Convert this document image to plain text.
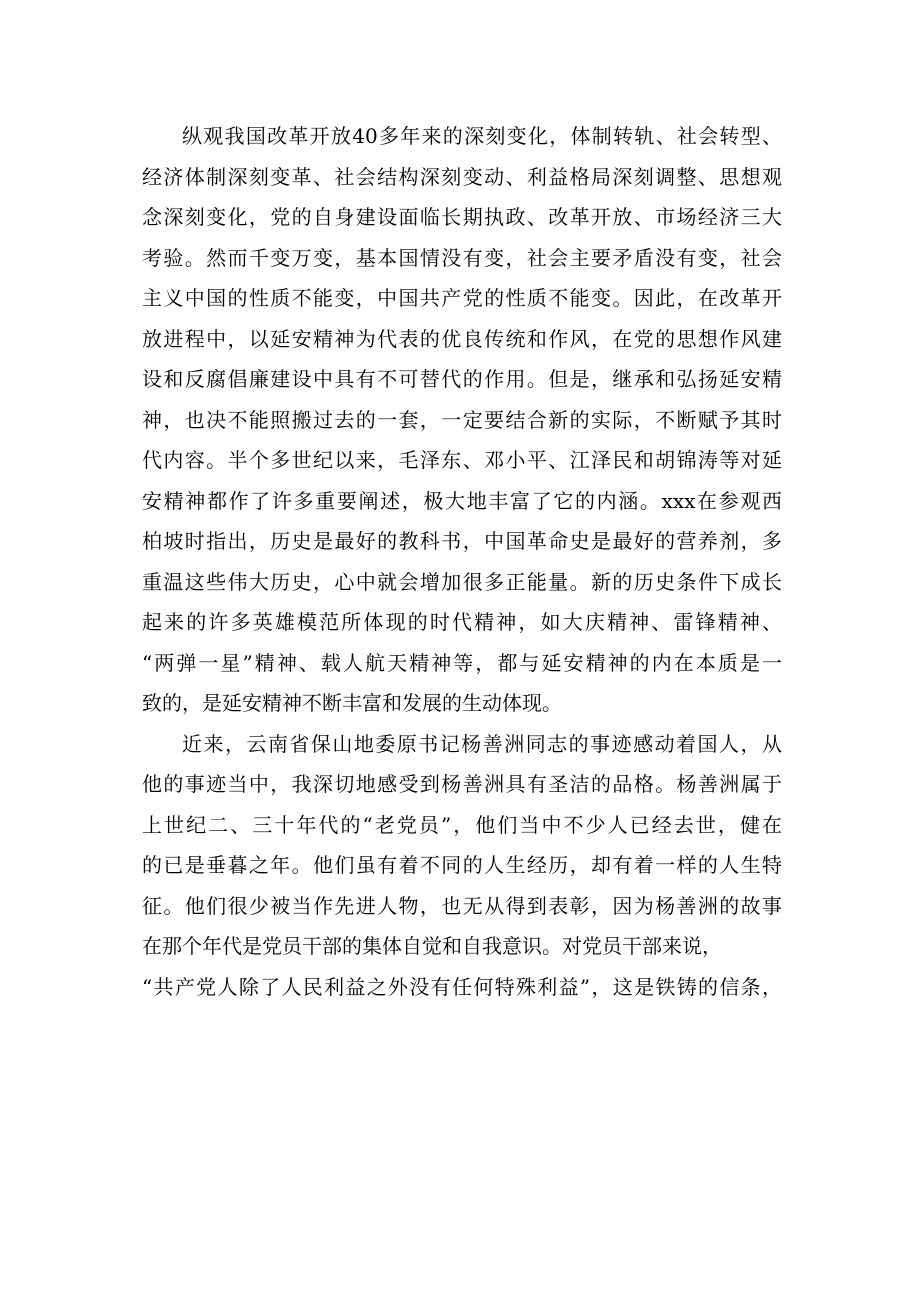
纵观我国改革开放40多年来的深刻变化，体制转轨、社会转型、
经济体制深刻变革、社会结构深刻变动、利益格局深刻调整、思想观
念深刻变化，党的自身建设面临长期执政、改革开放、市场经济三大
考验。然而千变万变，基本国情没有变，社会主要矛盾没有变，社会
主义中国的性质不能变，中国共产党的性质不能变。因此，在改革开
放进程中，以延安精神为代表的优良传统和作风，在党的思想作风建
设和反腐倡廉建设中具有不可替代的作用。但是，继承和弘扬延安精
神，也决不能照搬过去的一套，一定要结合新的实际，不断赋予其时
代内容。半个多世纪以来，毛泽东、邓小平、江泽民和胡锦涛等对延
安精神都作了许多重要阐述，极大地丰富了它的内涵。xxx在参观西
柏坡时指出，历史是最好的教科书，中国革命史是最好的营养剂，多
重温这些伟大历史，心中就会增加很多正能量。新的历史条件下成长
起来的许多英雄模范所体现的时代精神，如大庆精神、雷锋精神、
“两弹一星”精神、载人航天精神等，都与延安精神的内在本质是一
致的，是延安精神不断丰富和发展的生动体现。

近来，云南省保山地委原书记杨善洲同志的事迹感动着国人，从
他的事迹当中，我深切地感受到杨善洲具有圣洁的品格。杨善洲属于
上世纪二、三十年代的“老党员”，他们当中不少人已经去世，健在
的已是垂暮之年。他们虽有着不同的人生经历，却有着一样的人生特
征。他们很少被当作先进人物，也无从得到表彰，因为杨善洲的故事
在那个年代是党员干部的集体自觉和自我意识。对党员干部来说，
“共产党人除了人民利益之外没有任何特殊利益”，这是铁铸的信条，
